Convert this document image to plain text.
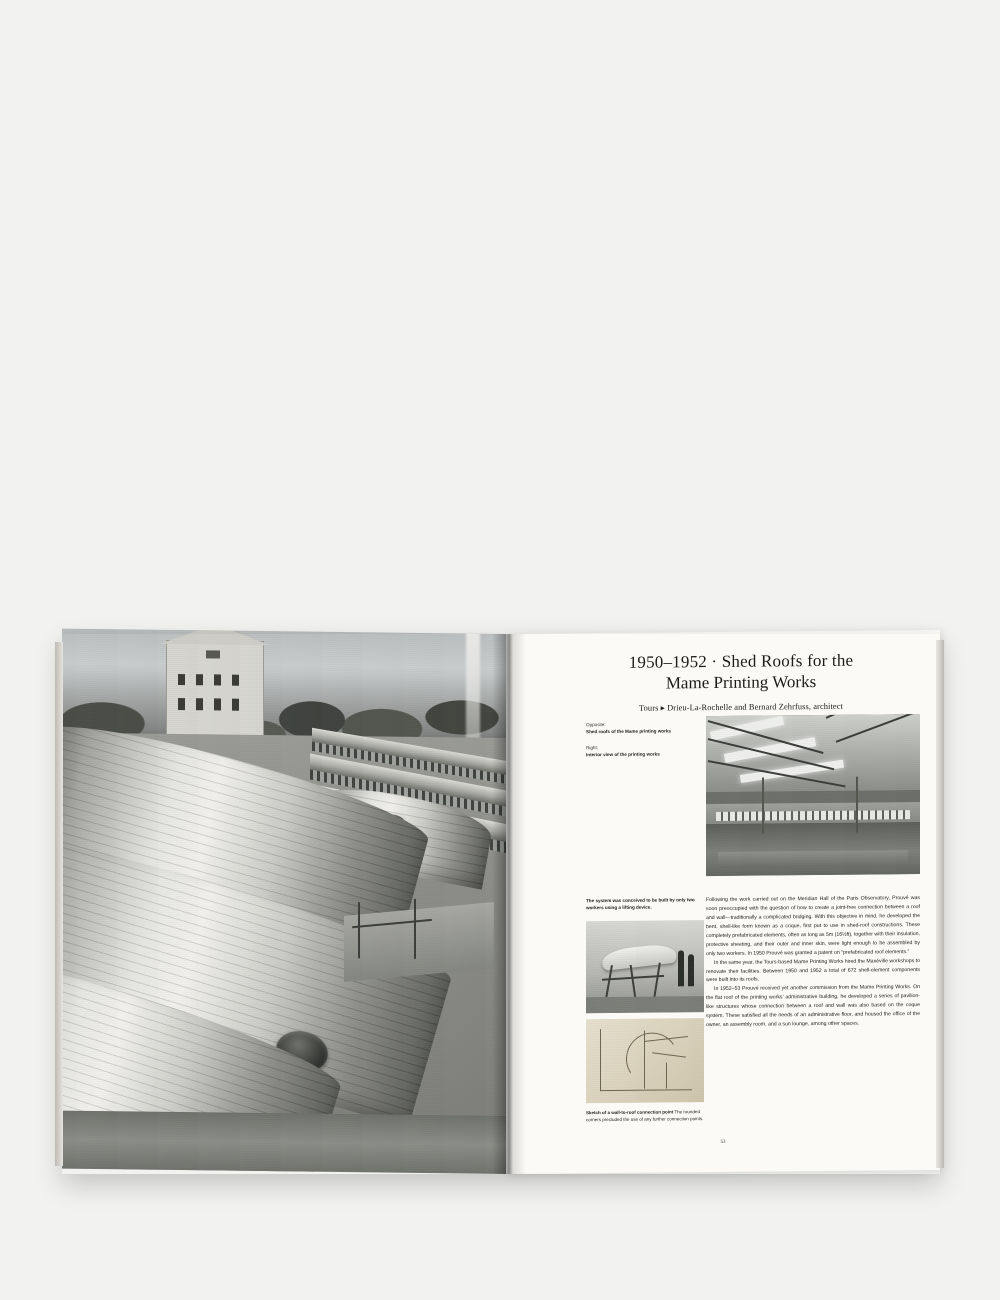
1950–1952 · Shed Roofs for the
Mame Printing Works
Tours ▸ Drieu-La-Rochelle and Bernard Zehrfuss, architect
Opposite:
Shed roofs of the Mame printing works
Right:
Interior view of the printing works
The system was conceived to be built by only two workers using a lifting device.
Sketch of a wall-to-roof connection point The rounded corners precluded the use of any further connection points.

Following the work carried out on the Meridian Hall of the Paris Observatory, Prouvé was soon preoccupied with the question of how to create a joint-free connection between a roof and wall—traditionally a complicated bridging. With this objective in mind, he developed the bent, shell-like form known as a coque, first put to use in shed-roof constructions. These completely prefabricated elements, often as long as 5m (16½ft), together with their insulation, protective sheeting, and their outer and inner skin, were light enough to be assembled by only two workers. In 1950 Prouvé was granted a patent on “prefabricated roof elements.”

In the same year, the Tours-based Mame Printing Works hired the Maxéville workshops to renovate their facilities. Between 1950 and 1952 a total of 672 shell-element components were built into its roofs.

In 1952–53 Prouvé received yet another commission from the Mame Printing Works. On the flat roof of the printing works’ administrative building, he developed a series of pavilion-like structures whose connection between a roof and wall was also based on the coque system. These satisfied all the needs of an administrative floor, and housed the office of the owner, an assembly room, and a sun lounge, among other spaces.

53
